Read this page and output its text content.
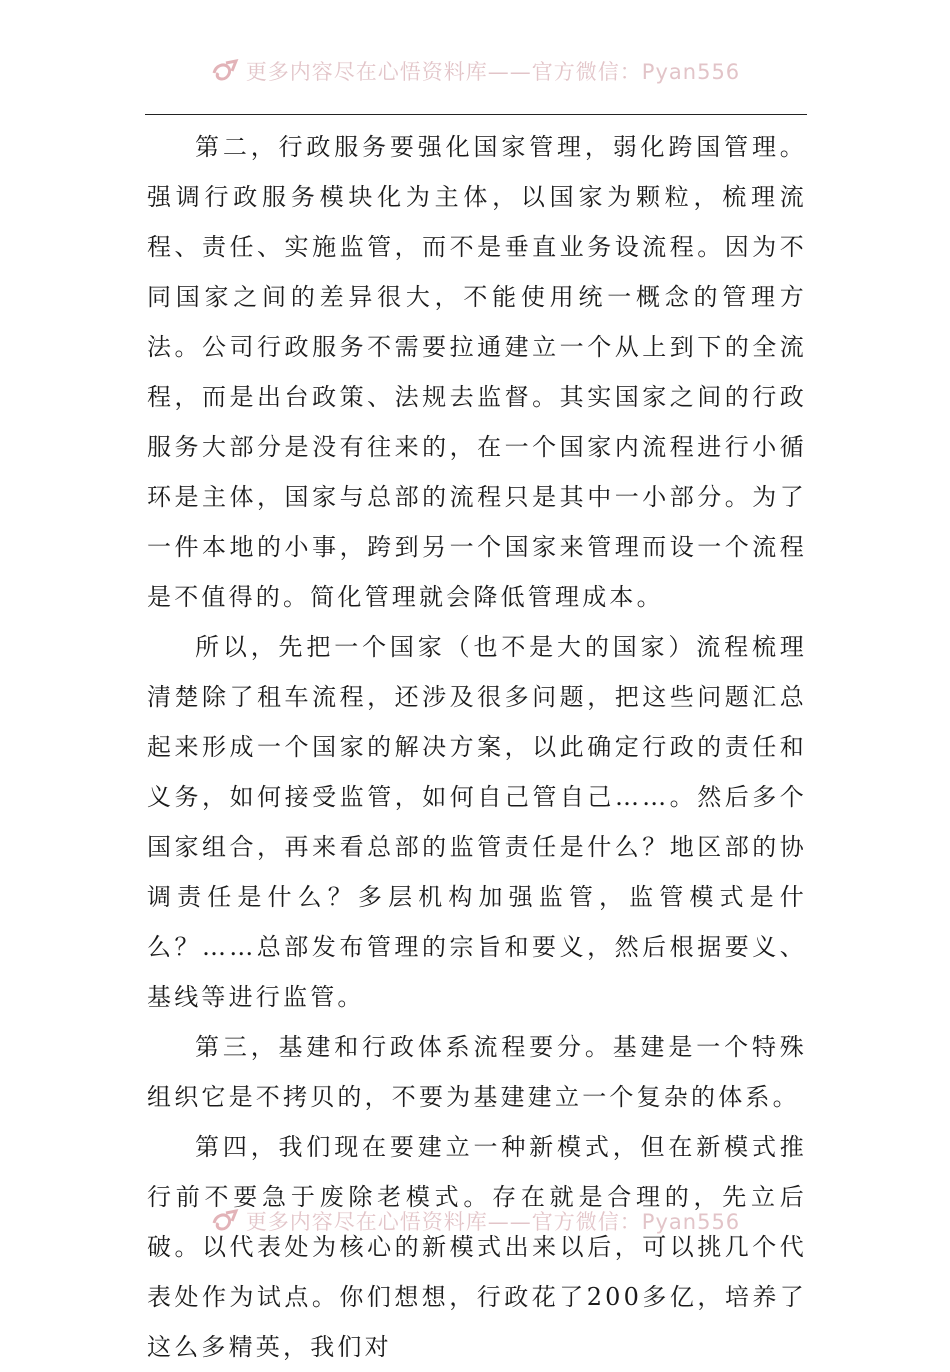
更多内容尽在心悟资料库——官方微信：Pyan556

第二，行政服务要强化国家管理，弱化跨国管理。强调行政服务模块化为主体，以国家为颗粒，梳理流程、责任、实施监管，而不是垂直业务设流程。因为不同国家之间的差异很大，不能使用统一概念的管理方法。公司行政服务不需要拉通建立一个从上到下的全流程，而是出台政策、法规去监督。其实国家之间的行政服务大部分是没有往来的，在一个国家内流程进行小循环是主体，国家与总部的流程只是其中一小部分。为了一件本地的小事，跨到另一个国家来管理而设一个流程是不值得的。简化管理就会降低管理成本。

所以，先把一个国家（也不是大的国家）流程梳理清楚除了租车流程，还涉及很多问题，把这些问题汇总起来形成一个国家的解决方案，以此确定行政的责任和义务，如何接受监管，如何自己管自己……。然后多个国家组合，再来看总部的监管责任是什么？地区部的协调责任是什么？多层机构加强监管，监管模式是什么？……总部发布管理的宗旨和要义，然后根据要义、基线等进行监管。

第三，基建和行政体系流程要分。基建是一个特殊组织它是不拷贝的，不要为基建建立一个复杂的体系。

第四，我们现在要建立一种新模式，但在新模式推行前不要急于废除老模式。存在就是合理的，先立后破。以代表处为核心的新模式出来以后，可以挑几个代表处作为试点。你们想想，行政花了200多亿，培养了这么多精英，我们对

更多内容尽在心悟资料库——官方微信：Pyan556
